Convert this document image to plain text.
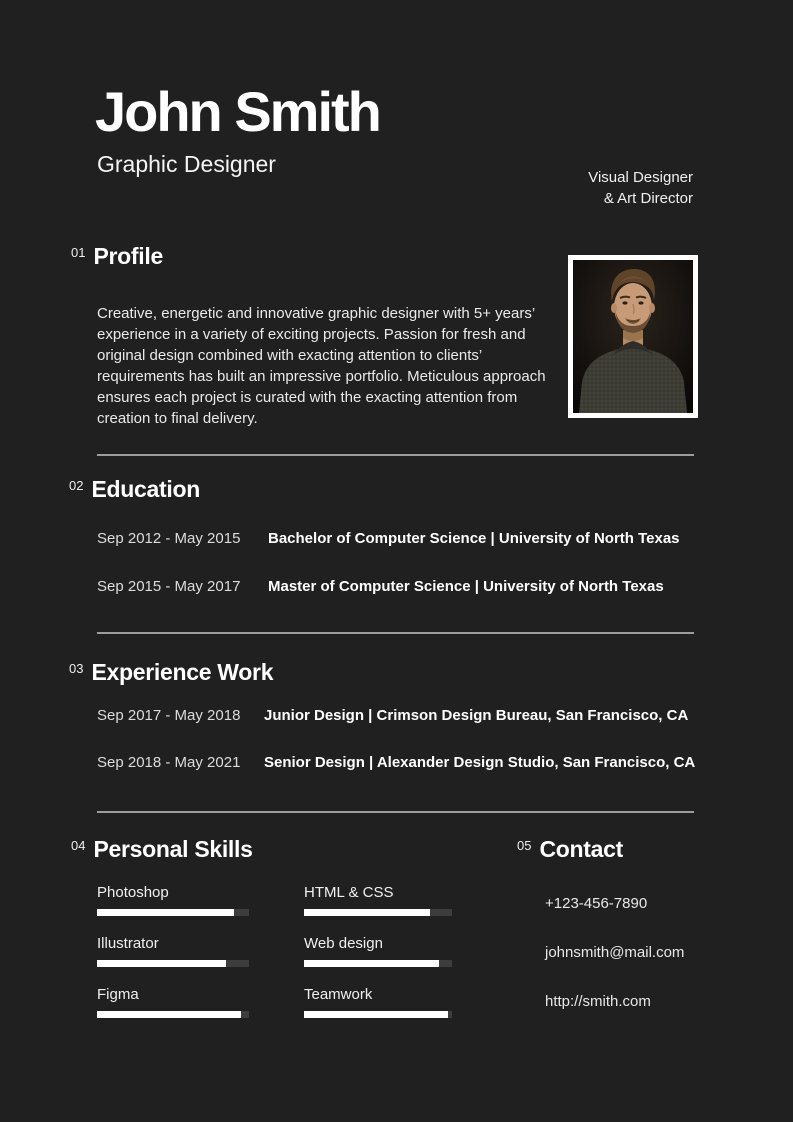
John Smith
Graphic Designer
Visual Designer
& Art Director
01 Profile

Creative, energetic and innovative graphic designer with 5+ years’ experience in a variety of exciting projects. Passion for fresh and original design combined with exacting attention to clients’ requirements has built an impressive portfolio. Meticulous approach ensures each project is curated with the exacting attention from creation to final delivery.

02 Education
Sep 2012 - May 2015 Bachelor of Computer Science | University of North Texas
Sep 2015 - May 2017 Master of Computer Science | University of North Texas
03 Experience Work
Sep 2017 - May 2018 Junior Design | Crimson Design Bureau, San Francisco, CA
Sep 2018 - May 2021 Senior Design | Alexander Design Studio, San Francisco, CA
04 Personal Skills
Photoshop
Illustrator
Figma
HTML & CSS
Web design
Teamwork
05 Contact
+123-456-7890
johnsmith@mail.com
http://smith.com
